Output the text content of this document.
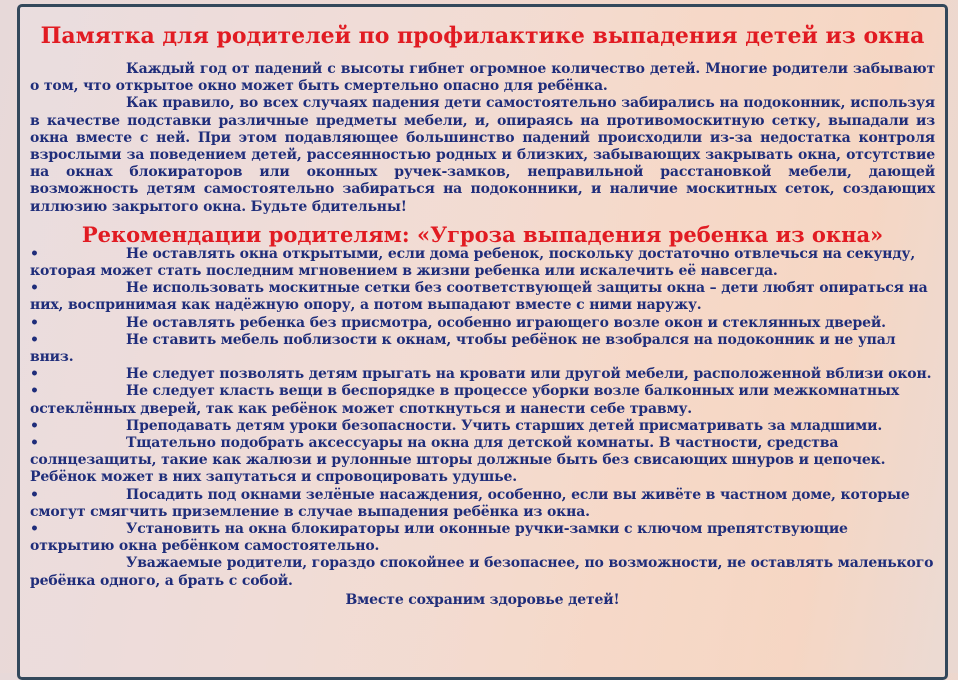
Памятка для родителей по профилактике выпадения детей из окна

Каждый год от падений с высоты гибнет огромное количество детей. Многие родители забывают о том, что открытое окно может быть смертельно опасно для ребёнка.

Как правило, во всех случаях падения дети самостоятельно забирались на подоконник, используя в качестве подставки различные предметы мебели, и, опираясь на противомоскитную сетку, выпадали из окна вместе с ней. При этом подавляющее большинство падений происходили из-за недостатка контроля взрослыми за поведением детей, рассеянностью родных и близких, забывающих закрывать окна, отсутствие на окнах блокираторов или оконных ручек-замков, неправильной расстановкой мебели, дающей возможность детям самостоятельно забираться на подоконники, и наличие москитных сеток, создающих иллюзию закрытого окна. Будьте бдительны!

Рекомендации родителям: «Угроза выпадения ребенка из окна»
•	Не оставлять окна открытыми, если дома ребенок, поскольку достаточно отвлечься на секунду, которая может стать последним мгновением в жизни ребенка или искалечить её навсегда.
•	Не использовать москитные сетки без соответствующей защиты окна – дети любят опираться на них, воспринимая как надёжную опору, а потом выпадают вместе с ними наружу.
•	Не оставлять ребенка без присмотра, особенно играющего возле окон и стеклянных дверей.
•	Не ставить мебель поблизости к окнам, чтобы ребёнок не взобрался на подоконник и не упал вниз.
•	Не следует позволять детям прыгать на кровати или другой мебели, расположенной вблизи окон.
•	Не следует класть вещи в беспорядке в процессе уборки возле балконных или межкомнатных остеклённых дверей, так как ребёнок может споткнуться и нанести себе травму.
•	Преподавать детям уроки безопасности. Учить старших детей присматривать за младшими.
•	Тщательно подобрать аксессуары на окна для детской комнаты. В частности, средства солнцезащиты, такие как жалюзи и рулонные шторы должные быть без свисающих шнуров и цепочек. Ребёнок может в них запутаться и спровоцировать удушье.
•	Посадить под окнами зелёные насаждения, особенно, если вы живёте в частном доме, которые смогут смягчить приземление в случае выпадения ребёнка из окна.
•	Установить на окна блокираторы или оконные ручки-замки с ключом препятствующие открытию окна ребёнком самостоятельно.

Уважаемые родители, гораздо спокойнее и безопаснее, по возможности, не оставлять маленького ребёнка одного, а брать с собой.

Вместе сохраним здоровье детей!
